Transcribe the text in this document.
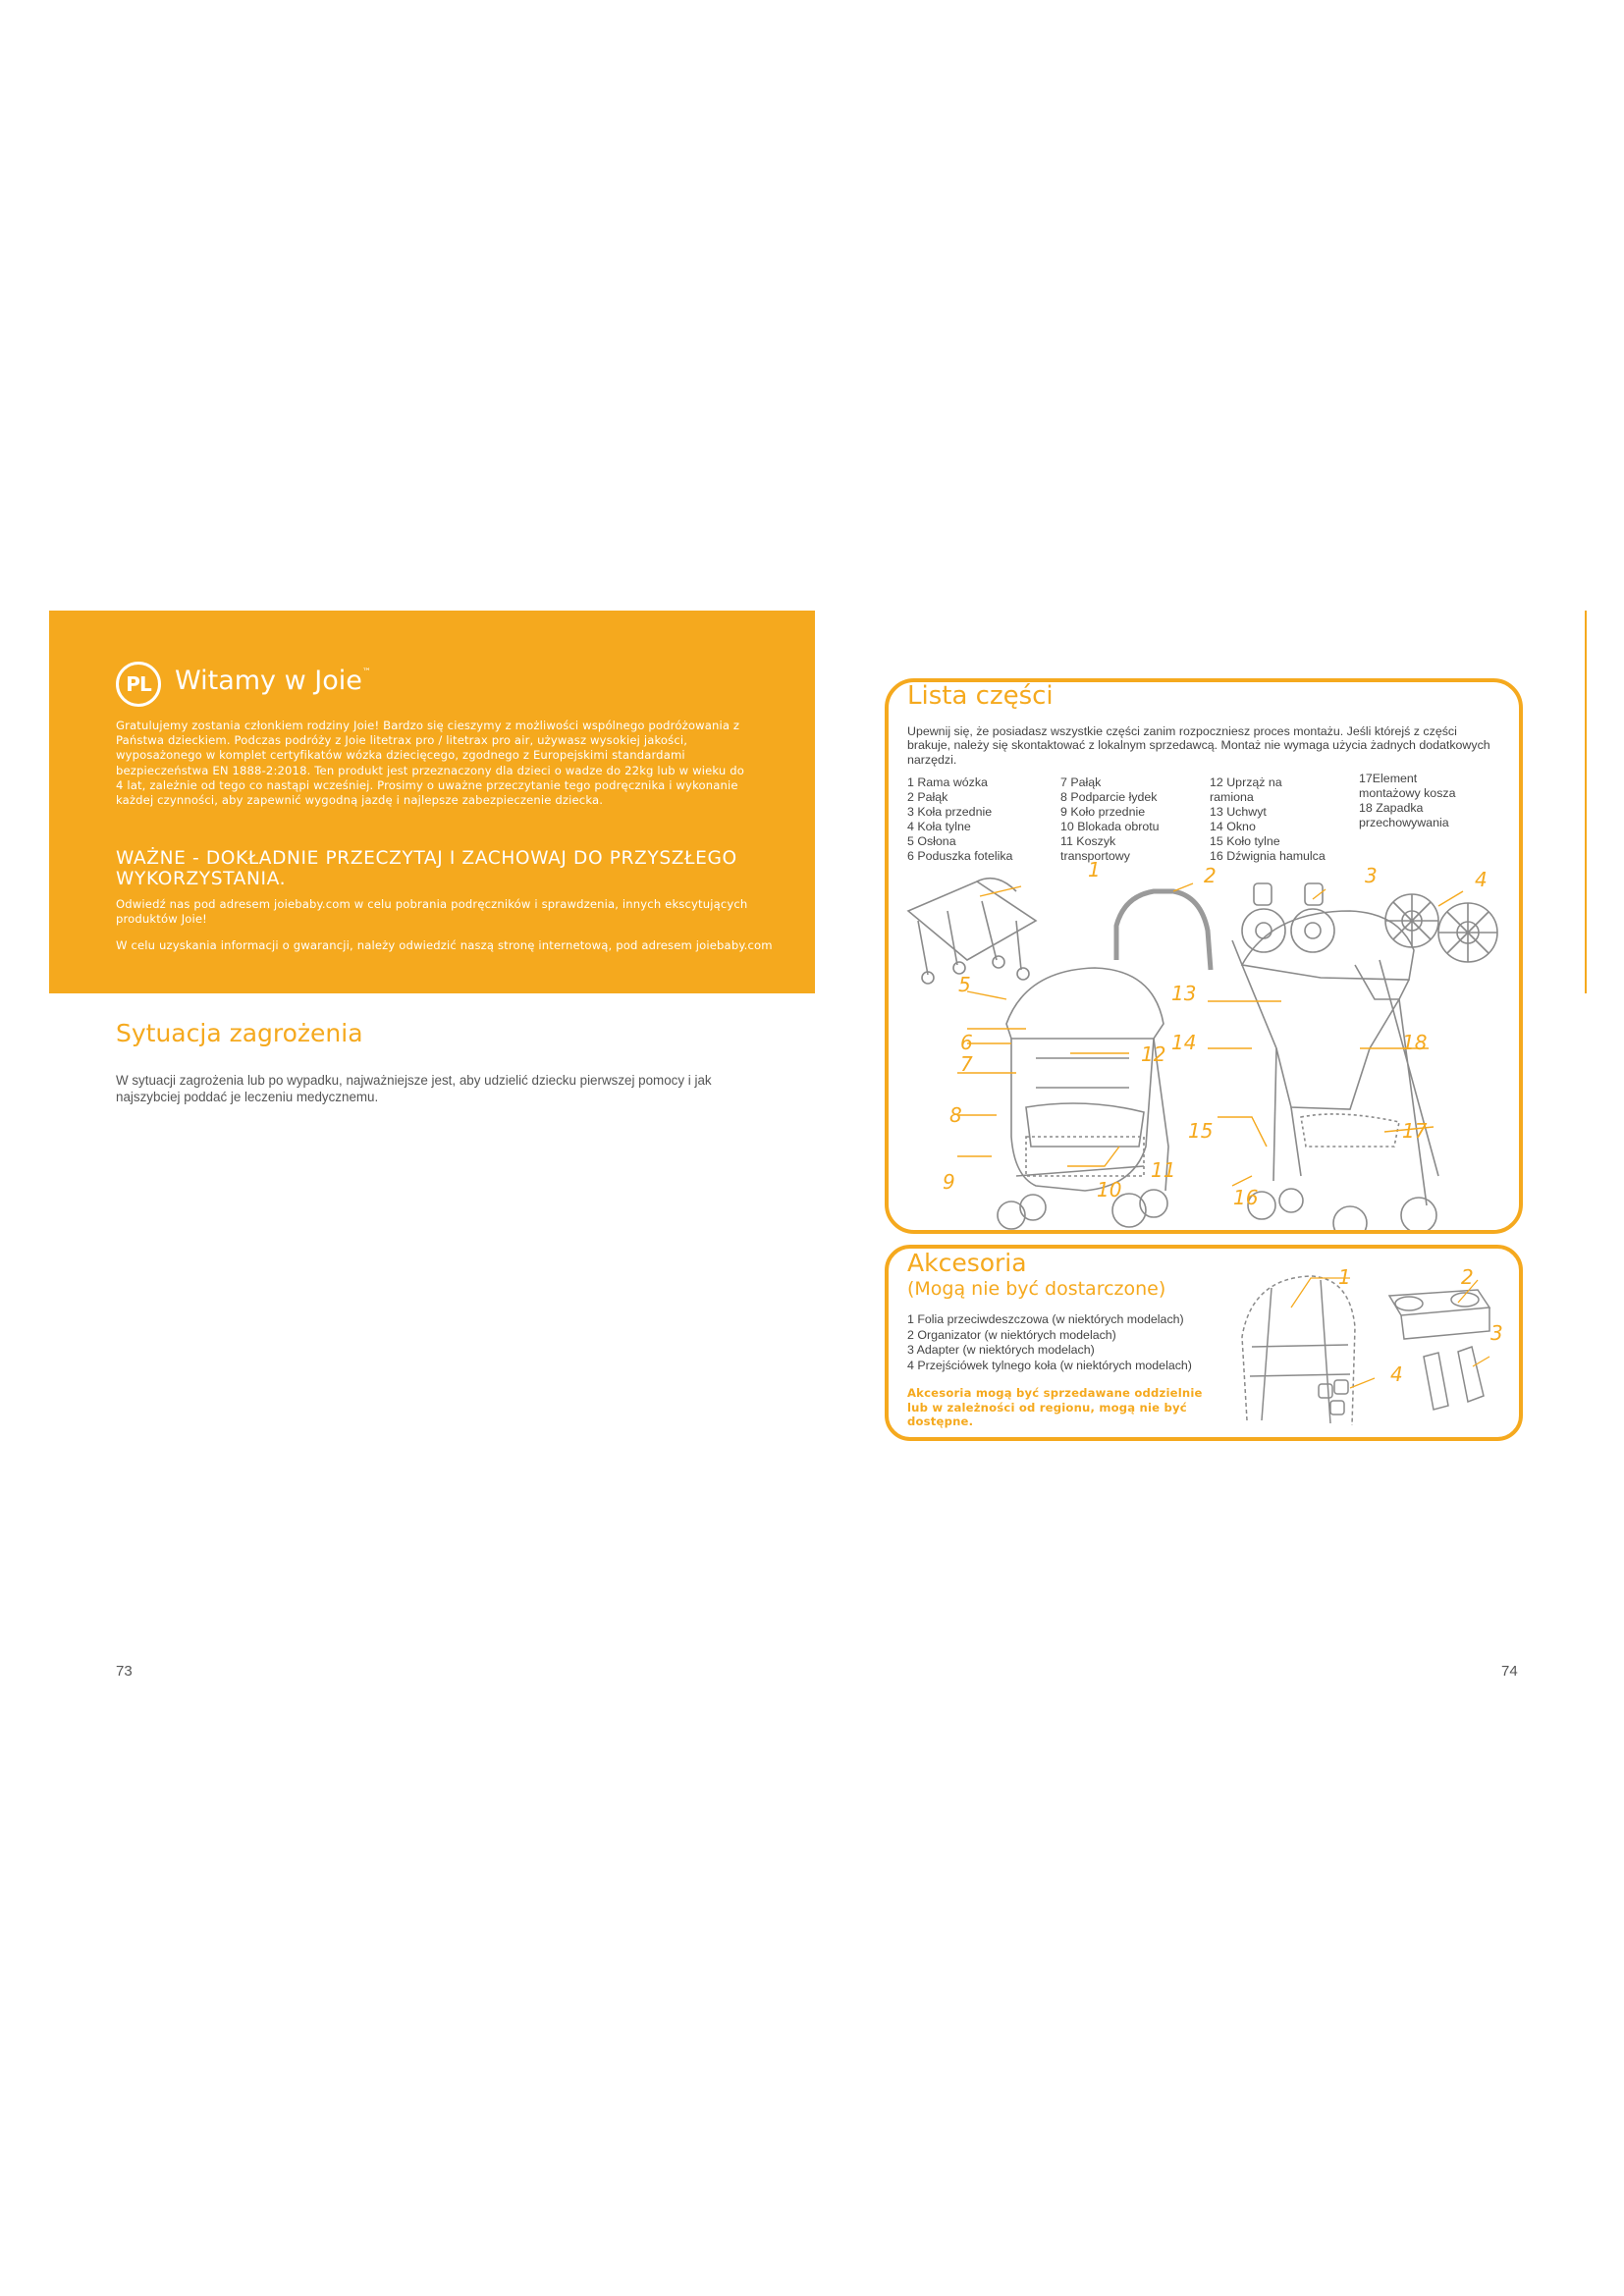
PL Witamy w Joie™
Gratulujemy zostania członkiem rodziny Joie! Bardzo się cieszymy z możliwości wspólnego podróżowania z Państwa dzieckiem. Podczas podróży z Joie litetrax pro / litetrax pro air, używasz wysokiej jakości, wyposażonego w komplet certyfikatów wózka dziecięcego, zgodnego z Europejskimi standardami bezpieczeństwa EN 1888-2:2018. Ten produkt jest przeznaczony dla dzieci o wadze do 22kg lub w wieku do 4 lat, zależnie od tego co nastąpi wcześniej. Prosimy o uważne przeczytanie tego podręcznika i wykonanie każdej czynności, aby zapewnić wygodną jazdę i najlepsze zabezpieczenie dziecka.
WAŻNE - DOKŁADNIE PRZECZYTAJ I ZACHOWAJ DO PRZYSZŁEGO WYKORZYSTANIA.
Odwiedź nas pod adresem joiebaby.com w celu pobrania podręczników i sprawdzenia, innych ekscytujących produktów Joie!
W celu uzyskania informacji o gwarancji, należy odwiedzić naszą stronę internetową, pod adresem joiebaby.com
Sytuacja zagrożenia
W sytuacji zagrożenia lub po wypadku, najważniejsze jest, aby udzielić dziecku pierwszej pomocy i jak najszybciej poddać je leczeniu medycznemu.
73
Lista części
Upewnij się, że posiadasz wszystkie części zanim rozpoczniesz proces montażu. Jeśli którejś z części brakuje, należy się skontaktować z lokalnym sprzedawcą. Montaż nie wymaga użycia żadnych dodatkowych narzędzi.
1 Rama wózka
2 Pałąk
3 Koła przednie
4 Koła tylne
5 Osłona
6 Poduszka fotelika
7 Pałąk
8 Podparcie łydek
9 Koło przednie
10 Blokada obrotu
11 Koszyk
transportowy
12 Uprząż na
ramiona
13 Uchwyt
14 Okno
15 Koło tylne
16 Dźwignia hamulca
17Element
montażowy kosza
18 Zapadka
przechowywania
1	2	3	4
5
6
7
8
9	10
11
12
13
14
15
16
17
18
Akcesoria
(Mogą nie być dostarczone)
1 Folia przeciwdeszczowa (w niektórych modelach)
2 Organizator (w niektórych modelach)
3 Adapter (w niektórych modelach)
4 Przejściówek tylnego koła (w niektórych modelach)
Akcesoria mogą być sprzedawane oddzielnie lub w zależności od regionu, mogą nie być dostępne.
1	2
3
4
74
